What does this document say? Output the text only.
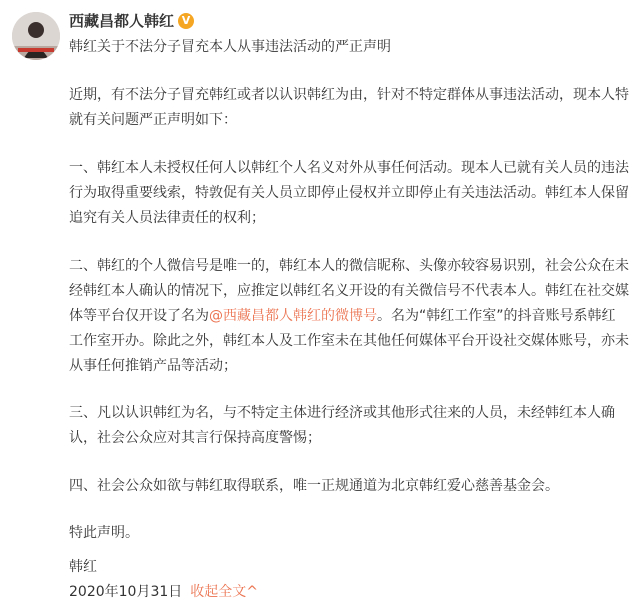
西藏昌都人韩红 V
韩红关于不法分子冒充本人从事违法活动的严正声明

近期，有不法分子冒充韩红或者以认识韩红为由，针对不特定群体从事违法活动，现本人特就有关问题严正声明如下：

一、韩红本人未授权任何人以韩红个人名义对外从事任何活动。现本人已就有关人员的违法行为取得重要线索，特敦促有关人员立即停止侵权并立即停止有关违法活动。韩红本人保留追究有关人员法律责任的权利；

二、韩红的个人微信号是唯一的，韩红本人的微信昵称、头像亦较容易识别，社会公众在未经韩红本人确认的情况下，应推定以韩红名义开设的有关微信号不代表本人。韩红在社交媒体等平台仅开设了名为@西藏昌都人韩红的微博号。名为“韩红工作室”的抖音账号系韩红工作室开办。除此之外，韩红本人及工作室未在其他任何媒体平台开设社交媒体账号，亦未从事任何推销产品等活动；

三、凡以认识韩红为名，与不特定主体进行经济或其他形式往来的人员，未经韩红本人确认，社会公众应对其言行保持高度警惕；

四、社会公众如欲与韩红取得联系，唯一正规通道为北京韩红爱心慈善基金会。

特此声明。

韩红
2020年10月31日 收起全文^
